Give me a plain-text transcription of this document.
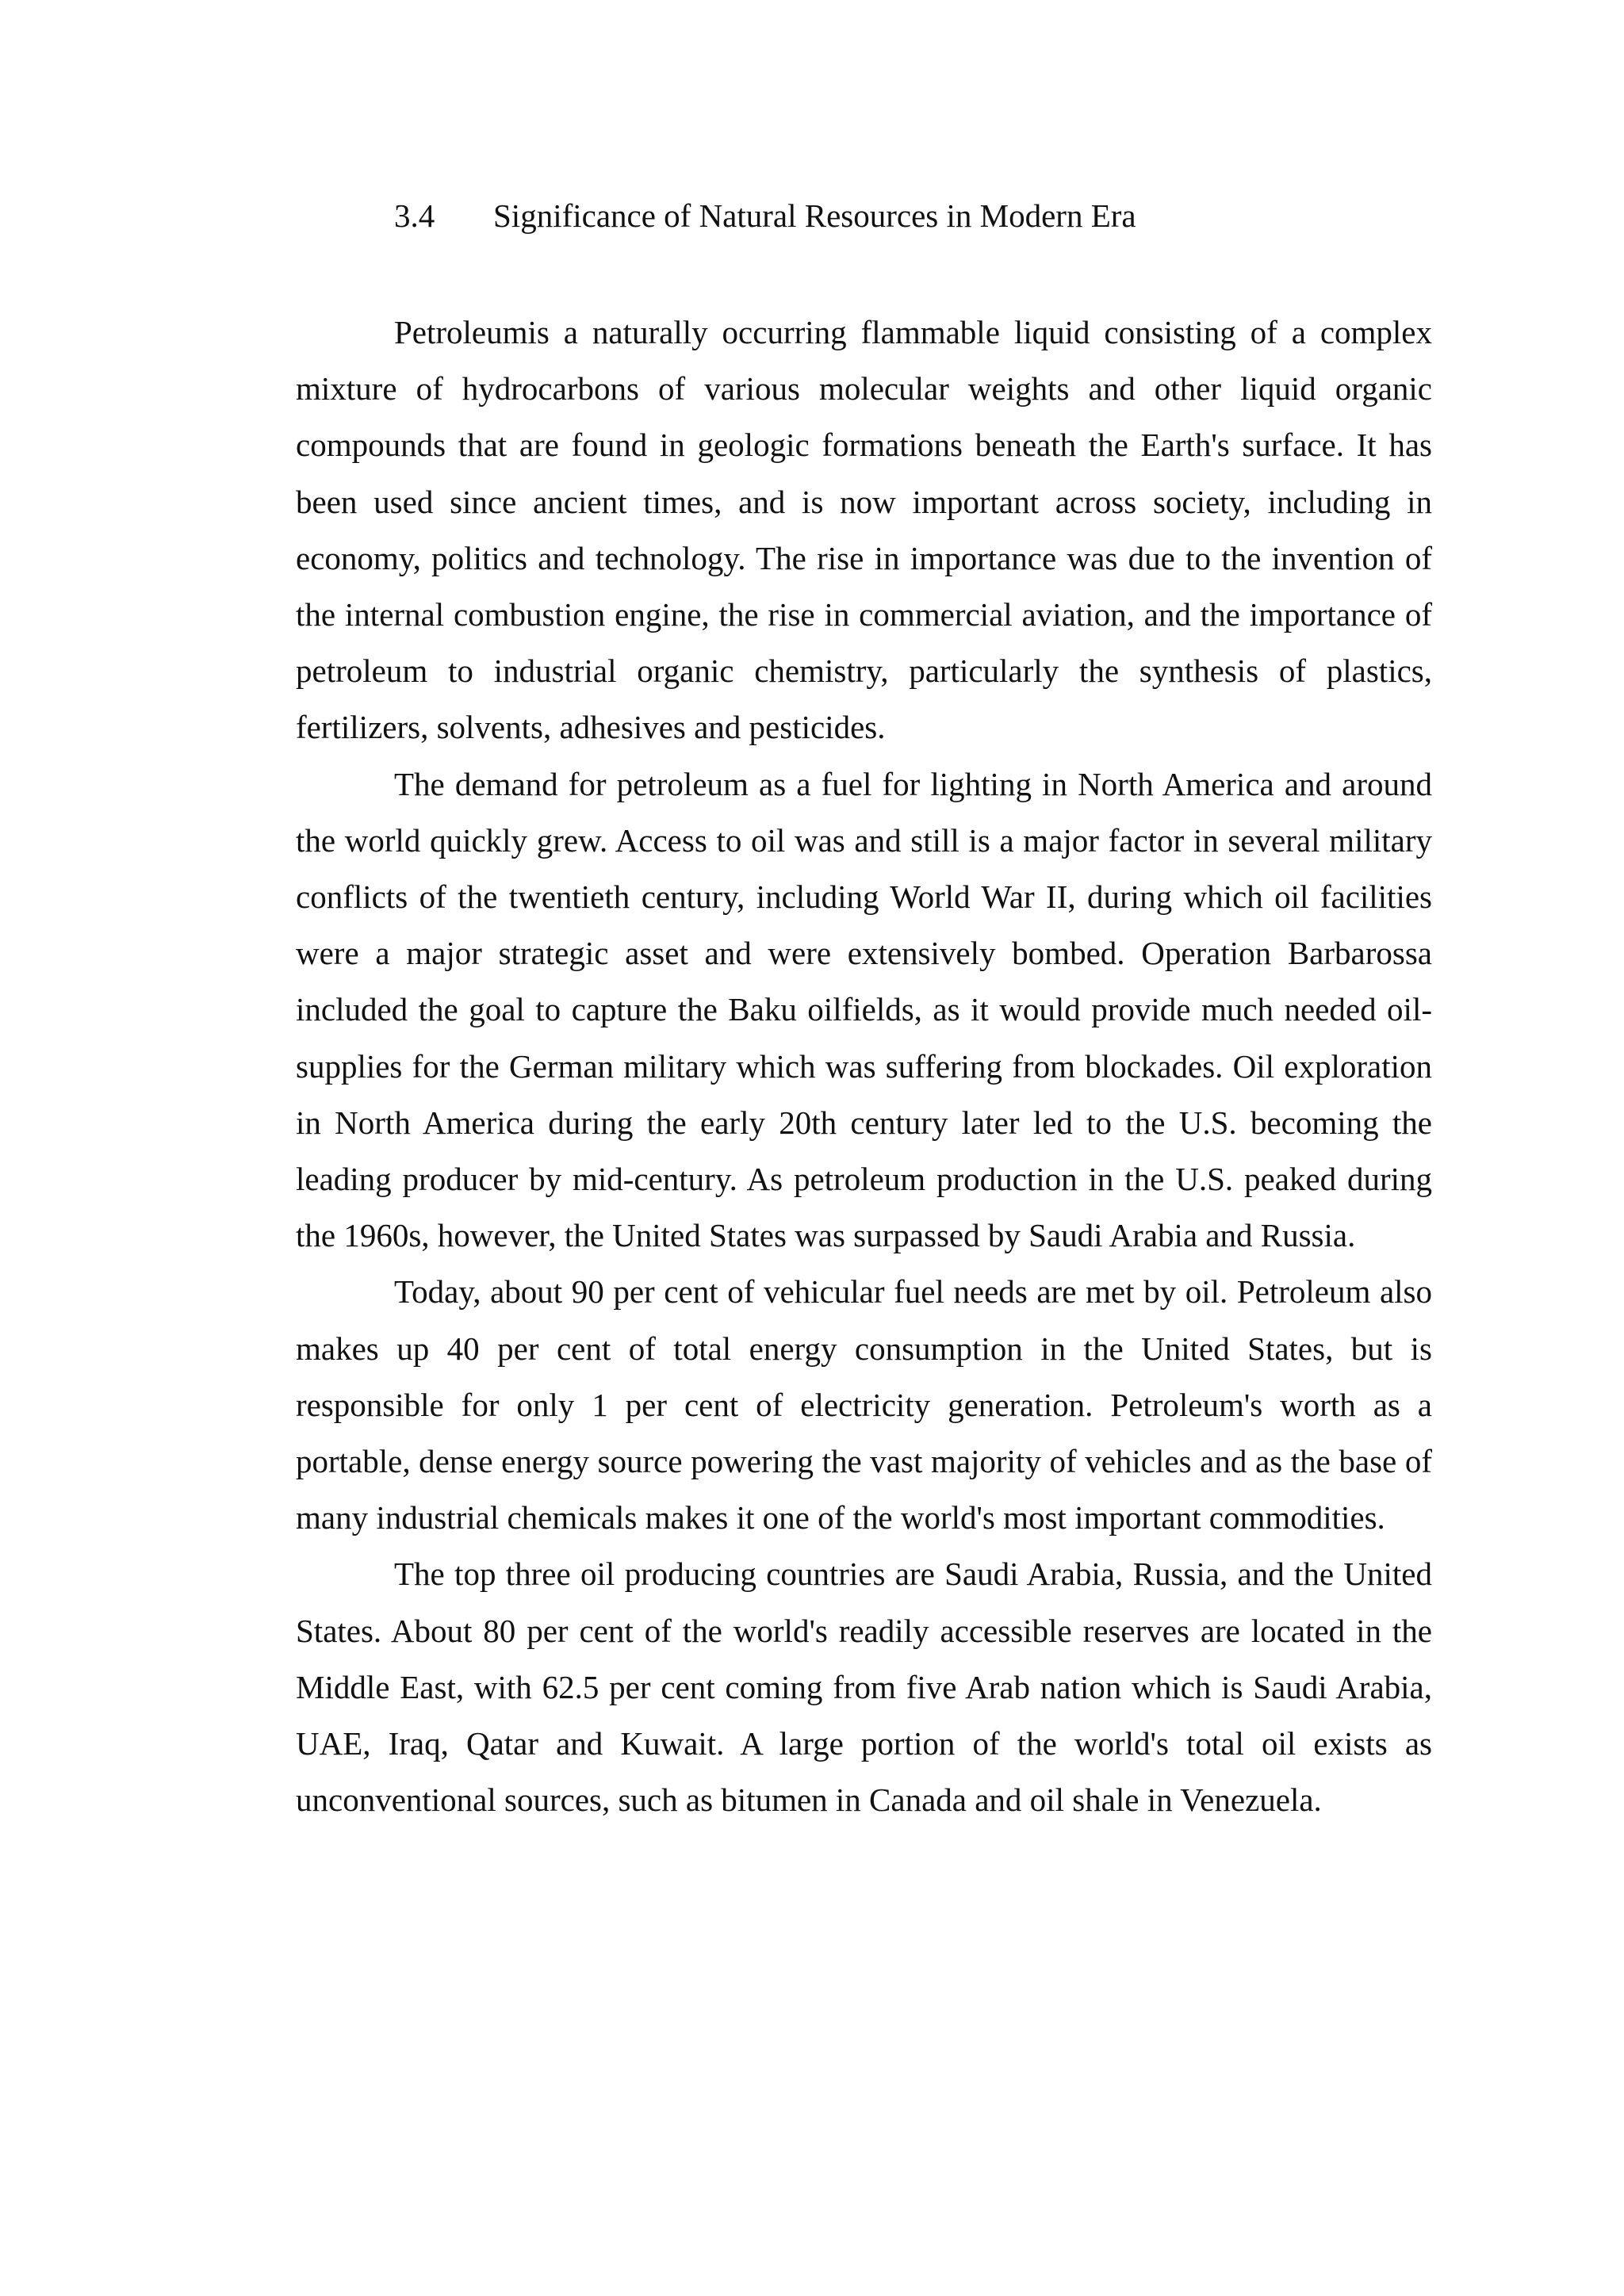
3.4 Significance of Natural Resources in Modern Era

Petroleumis a naturally occurring flammable liquid consisting of a complex mixture of hydrocarbons of various molecular weights and other liquid organic compounds that are found in geologic formations beneath the Earth's surface. It has been used since ancient times, and is now important across society, including in economy, politics and technology. The rise in importance was due to the invention of the internal combustion engine, the rise in commercial aviation, and the importance of petroleum to industrial organic chemistry, particularly the synthesis of plastics, fertilizers, solvents, adhesives and pesticides.

The demand for petroleum as a fuel for lighting in North America and around the world quickly grew. Access to oil was and still is a major factor in several military conflicts of the twentieth century, including World War II, during which oil facilities were a major strategic asset and were extensively bombed. Operation Barbarossa included the goal to capture the Baku oilfields, as it would provide much needed oil-supplies for the German military which was suffering from blockades. Oil exploration in North America during the early 20th century later led to the U.S. becoming the leading producer by mid-century. As petroleum production in the U.S. peaked during the 1960s, however, the United States was surpassed by Saudi Arabia and Russia.

Today, about 90 per cent of vehicular fuel needs are met by oil. Petroleum also makes up 40 per cent of total energy consumption in the United States, but is responsible for only 1 per cent of electricity generation. Petroleum's worth as a portable, dense energy source powering the vast majority of vehicles and as the base of many industrial chemicals makes it one of the world's most important commodities.

The top three oil producing countries are Saudi Arabia, Russia, and the United States. About 80 per cent of the world's readily accessible reserves are located in the Middle East, with 62.5 per cent coming from five Arab nation which is Saudi Arabia, UAE, Iraq, Qatar and Kuwait. A large portion of the world's total oil exists as unconventional sources, such as bitumen in Canada and oil shale in Venezuela.
